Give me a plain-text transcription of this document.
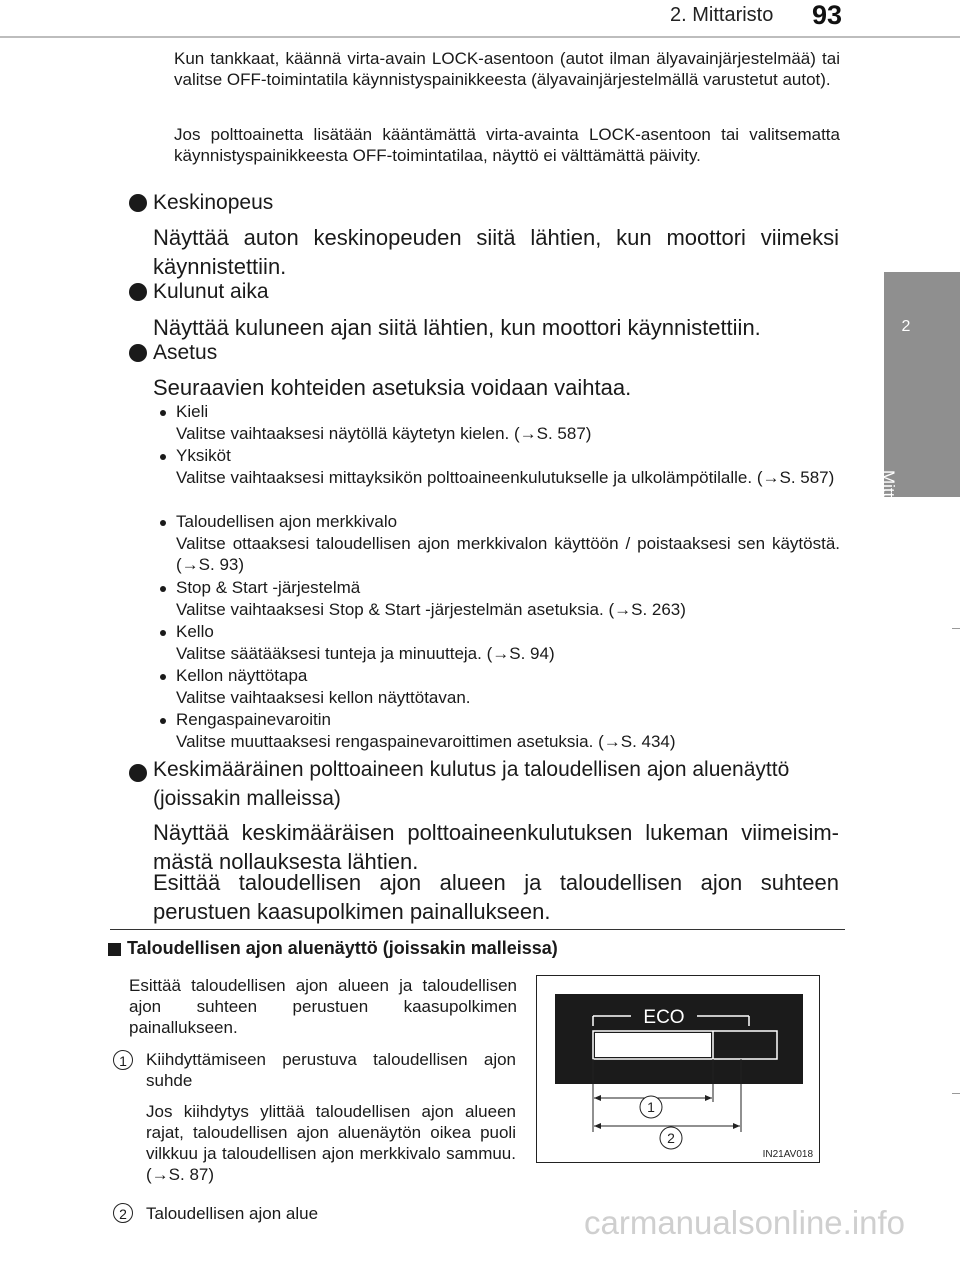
2. Mittaristo 93
2
Mittaristo
Kun tankkaat, käännä virta-avain LOCK-asentoon (autot ilman älyavainjärjestelmää) tai valitse OFF-toimintatila käynnistyspainikkeesta (älyavainjärjestelmällä varustetut autot).
Jos polttoainetta lisätään kääntämättä virta-avainta LOCK-asentoon tai valitsematta käynnistyspainikkeesta OFF-toimintatilaa, näyttö ei välttämättä päivity.
Keskinopeus
Näyttää auton keskinopeuden siitä lähtien, kun moottori viimeksi käynnistettiin.
Kulunut aika
Näyttää kuluneen ajan siitä lähtien, kun moottori käynnistettiin.
Asetus
Seuraavien kohteiden asetuksia voidaan vaihtaa.
Kieli
Valitse vaihtaaksesi näytöllä käytetyn kielen. (→S. 587)
Yksiköt
Valitse vaihtaaksesi mittayksikön polttoaineenkulutukselle ja ulkolämpötilalle. (→S. 587)
Taloudellisen ajon merkkivalo
Valitse ottaaksesi taloudellisen ajon merkkivalon käyttöön / poistaaksesi sen käytöstä. (→S. 93)
Stop & Start -järjestelmä
Valitse vaihtaaksesi Stop & Start -järjestelmän asetuksia. (→S. 263)
Kello
Valitse säätääksesi tunteja ja minuutteja. (→S. 94)
Kellon näyttötapa
Valitse vaihtaaksesi kellon näyttötavan.
Rengaspainevaroitin
Valitse muuttaaksesi rengaspainevaroittimen asetuksia. (→S. 434)
Keskimääräinen polttoaineen kulutus ja taloudellisen ajon aluenäyttö (joissakin malleissa)
Näyttää keskimääräisen polttoaineenkulutuksen lukeman viimeisimmästä nollauksesta lähtien.
Esittää taloudellisen ajon alueen ja taloudellisen ajon suhteen perustuen kaasupolkimen painallukseen.
Taloudellisen ajon aluenäyttö (joissakin malleissa)
Esittää taloudellisen ajon alueen ja taloudellisen ajon suhteen perustuen kaasupolkimen painallukseen.
1	Kiihdyttämiseen perustuva taloudellisen ajon suhde
Jos kiihdytys ylittää taloudellisen ajon alueen rajat, taloudellisen ajon aluenäytön oikea puoli vilkkuu ja taloudellisen ajon merkkivalo sammuu. (→S. 87)
2	Taloudellisen ajon alue
ECO
1
2
IN21AV018
carmanualsonline.info
